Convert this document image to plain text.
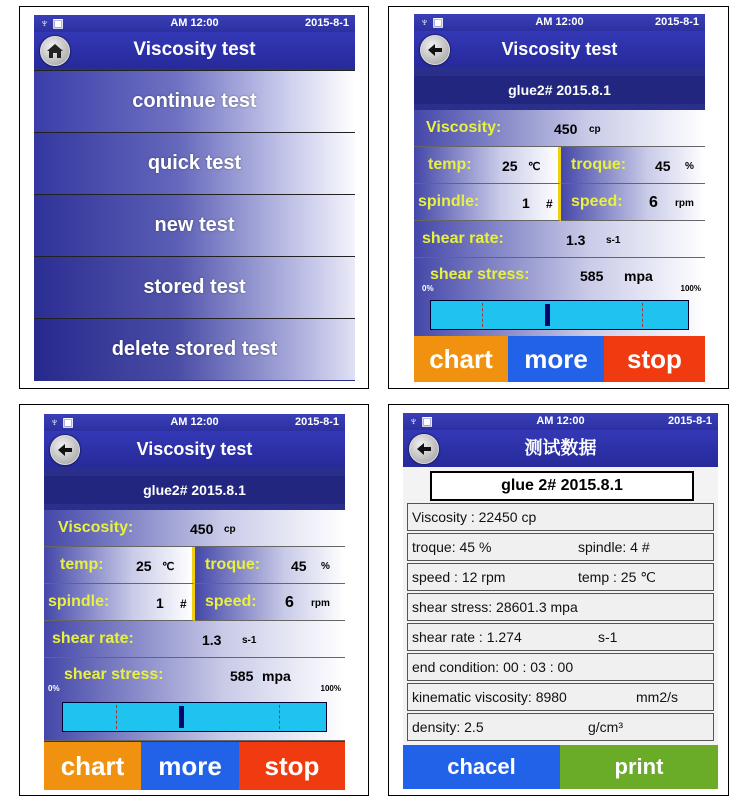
♆ ▣	AM 12:00	2015-8-1
Viscosity test
continue test
quick test
new test
stored test
delete stored test
♆ ▣	AM 12:00	2015-8-1
Viscosity test
glue2# 2015.8.1
Viscosity:	450 cp
temp: 25 ℃ troque: 45 %
spindle:	1 # speed: 6 rpm
shear rate:	1.3 s-1
shear stress:	585 mpa
0%	100%
chart	more	stop
♆ ▣	AM 12:00	2015-8-1
Viscosity test
glue2# 2015.8.1
Viscosity:	450 cp
temp: 25 ℃ troque: 45 %
spindle:	1 # speed: 6 rpm
shear rate:	1.3 s-1
shear stress:	585 mpa
0%	100%
chart	more	stop
♆ ▣	AM 12:00	2015-8-1
测试数据
glue 2# 2015.8.1
Viscosity : 22450 cp
troque: 45 %	spindle: 4 #
speed : 12 rpm	temp : 25 ℃
shear stress: 28601.3 mpa
shear rate : 1.274	s-1
end condition: 00 : 03 : 00
kinematic viscosity: 8980	mm2/s
density: 2.5	g/cm³
chacel	print
